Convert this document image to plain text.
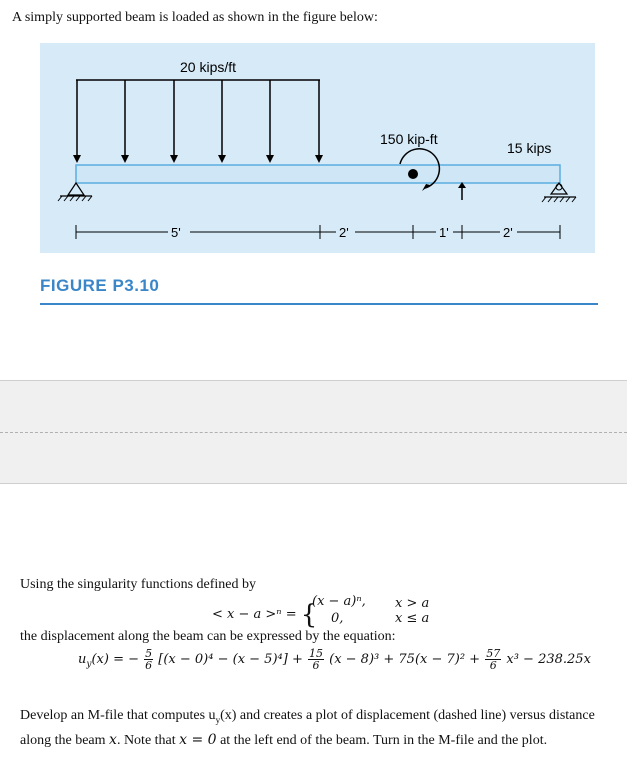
A simply supported beam is loaded as shown in the figure below:
20 kips/ft
150 kip-ft
15 kips
5'	2'	1'	2'
FIGURE P3.10
Using the singularity functions defined by
< x − a >ⁿ = {
(x − a)ⁿ, x > a
0,	x ≤ a
the displacement along the beam can be expressed by the equation:
$u_y(x)$ = − $\frac{5}{6} [(x - 0)^4 - (x - 5)^4] + \frac{15}{6} (x - 8)^3 + 75(x - 7)^2 + \frac{57}{6} x^3 - 238.25x$
Develop an M-file that computes $u_y(x)$ and creates a plot of displacement (dashed line) versus distance
along the beam x. Note that x = 0 at the left end of the beam. Turn in the M-file and the plot.
